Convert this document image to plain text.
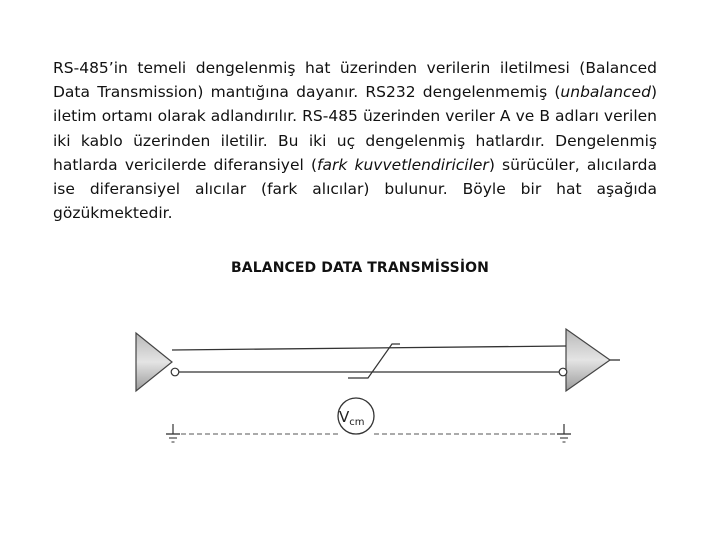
RS-485’in temeli dengelenmiş hat üzerinden verilerin iletilmesi (Balanced Data Transmission) mantığına dayanır. RS232 dengelenmemiş (unbalanced) iletim ortamı olarak adlandırılır. RS-485 üzerinden veriler A ve B adları verilen iki kablo üzerinden iletilir. Bu iki uç dengelenmiş hatlardır. Dengelenmiş hatlarda vericilerde diferansiyel (fark kuvvetlendiriciler) sürücüler, alıcılarda ise diferansiyel alıcılar (fark alıcılar) bulunur. Böyle bir hat aşağıda gözükmektedir.

BALANCED DATA TRANSMİSSİON
$V_{cm}$
